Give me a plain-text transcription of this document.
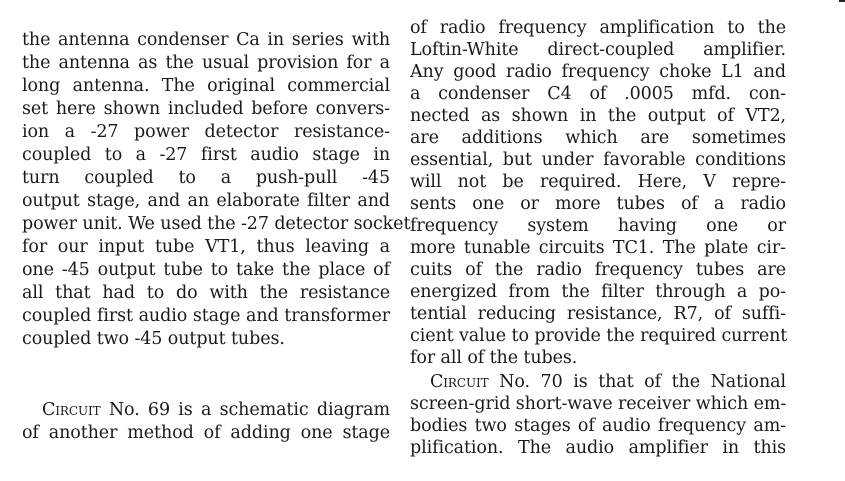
the antenna condenser Ca in series with
the antenna as the usual provision for a
long antenna. The original commercial
set here shown included before convers-
ion a -27 power detector resistance-
coupled to a -27 first audio stage in
turn coupled to a push-pull -45
output stage, and an elaborate filter and
power unit. We used the -27 detector socket
for our input tube VT1, thus leaving a
one -45 output tube to take the place of
all that had to do with the resistance
coupled first audio stage and transformer
coupled two -45 output tubes.
Circuit No. 69 is a schematic diagram
of another method of adding one stage
of radio frequency amplification to the
Loftin-White direct-coupled amplifier.
Any good radio frequency choke L1 and
a condenser C4 of .0005 mfd. con-
nected as shown in the output of VT2,
are additions which are sometimes
essential, but under favorable conditions
will not be required. Here, V repre-
sents one or more tubes of a radio
frequency system having one or
more tunable circuits TC1. The plate cir-
cuits of the radio frequency tubes are
energized from the filter through a po-
tential reducing resistance, R7, of suffi-
cient value to provide the required current
for all of the tubes.
Circuit No. 70 is that of the National
screen-grid short-wave receiver which em-
bodies two stages of audio frequency am-
plification. The audio amplifier in this
